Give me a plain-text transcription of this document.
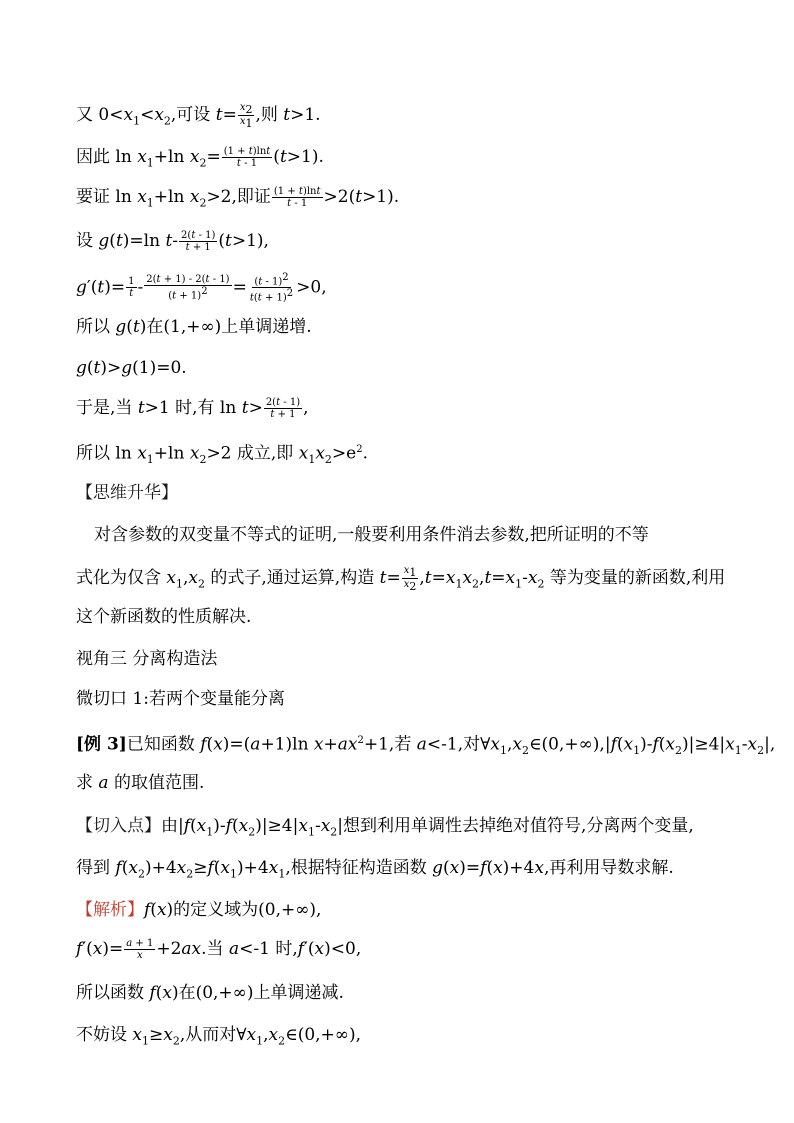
又 $0<x_1<x_2$,可设 $t= \frac{x_2}{x_1}$ ,则 t>1.
因此 $\ln x_1+\ln$ $x_2= \frac{(1 + t)\ln t}{t - 1} (t>1)$.
要证 $\ln x_1+\ln$ $x_2>2$,即证 $\frac{(1 + t)\ln t}{t - 1} >2(t>1)$.
设 g(t)=ln $t- \frac{2(t - 1)}{t + 1} (t>1)$,
$g'(t)= \frac{1}{t} - \frac{2(t + 1) - 2(t - 1)}{(t + 1)^2} = \frac{(t - 1)^2}{t(t + 1)^2} >0$,
所以 g(t)在(1,+∞)上单调递增.
g(t)>g(1)=0.
于是,当 t>1 时,有 $\ln t> \frac{2(t - 1)}{t + 1}$ ,
所以 $\ln x_1+\ln$ $x_2>2$ 成立,即 $x_1x_2>e^2$.
【思维升华】
对含参数的双变量不等式的证明,一般要利用条件消去参数,把所证明的不等
式化为仅含 $x_1,x_2$ 的式子,通过运算,构造 $t= \frac{x_1}{x_2} ,t=x_1x_2,t=x_1-x_2$ 等为变量的新函数,利用
这个新函数的性质解决.
视角三 分离构造法
微切口 1:若两个变量能分离
[例 3]已知函数 f(x)=(a+1)ln $x+ax^2+1$,若 a<-1,对$\forall x_1,x_2\in(0,+\infty),|f(x_1)-f(x_2)|\ge 4|x_1-x_2|$,
求 a 的取值范围.
【切入点】由$|f(x_1)-f(x_2)|\ge 4|x_1-x_2|$想到利用单调性去掉绝对值符号,分离两个变量,
得到 $f(x_2)+4x_2\ge f(x_1)+4x_1$,根据特征构造函数 g(x)=f(x)+4x,再利用导数求解.
【解析】f(x)的定义域为(0,+∞),
$f'(x)= \frac{a + 1}{x} +2ax$.当 a<-1 时,f′(x)<0,
所以函数 f(x)在(0,+∞)上单调递减.
不妨设 $x_1\ge x_2$,从而对$\forall x_1,x_2\in(0,+\infty)$,
